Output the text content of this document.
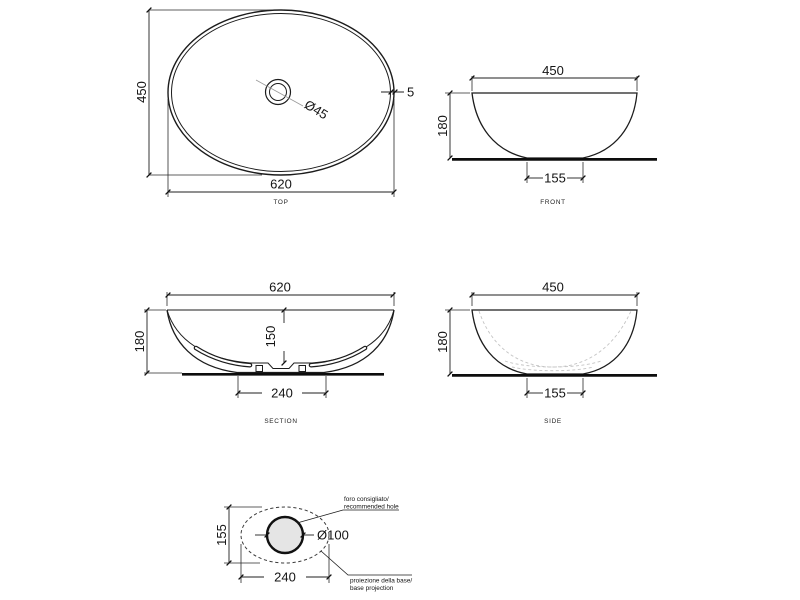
Ø45
450
620
5
TOP
450
180
155
FRONT
620
180	150
240
SECTION
450
180
155
SIDE
Ø100
155
240
foro consigliato/
recommended hole
proiezione della base/
base projection
